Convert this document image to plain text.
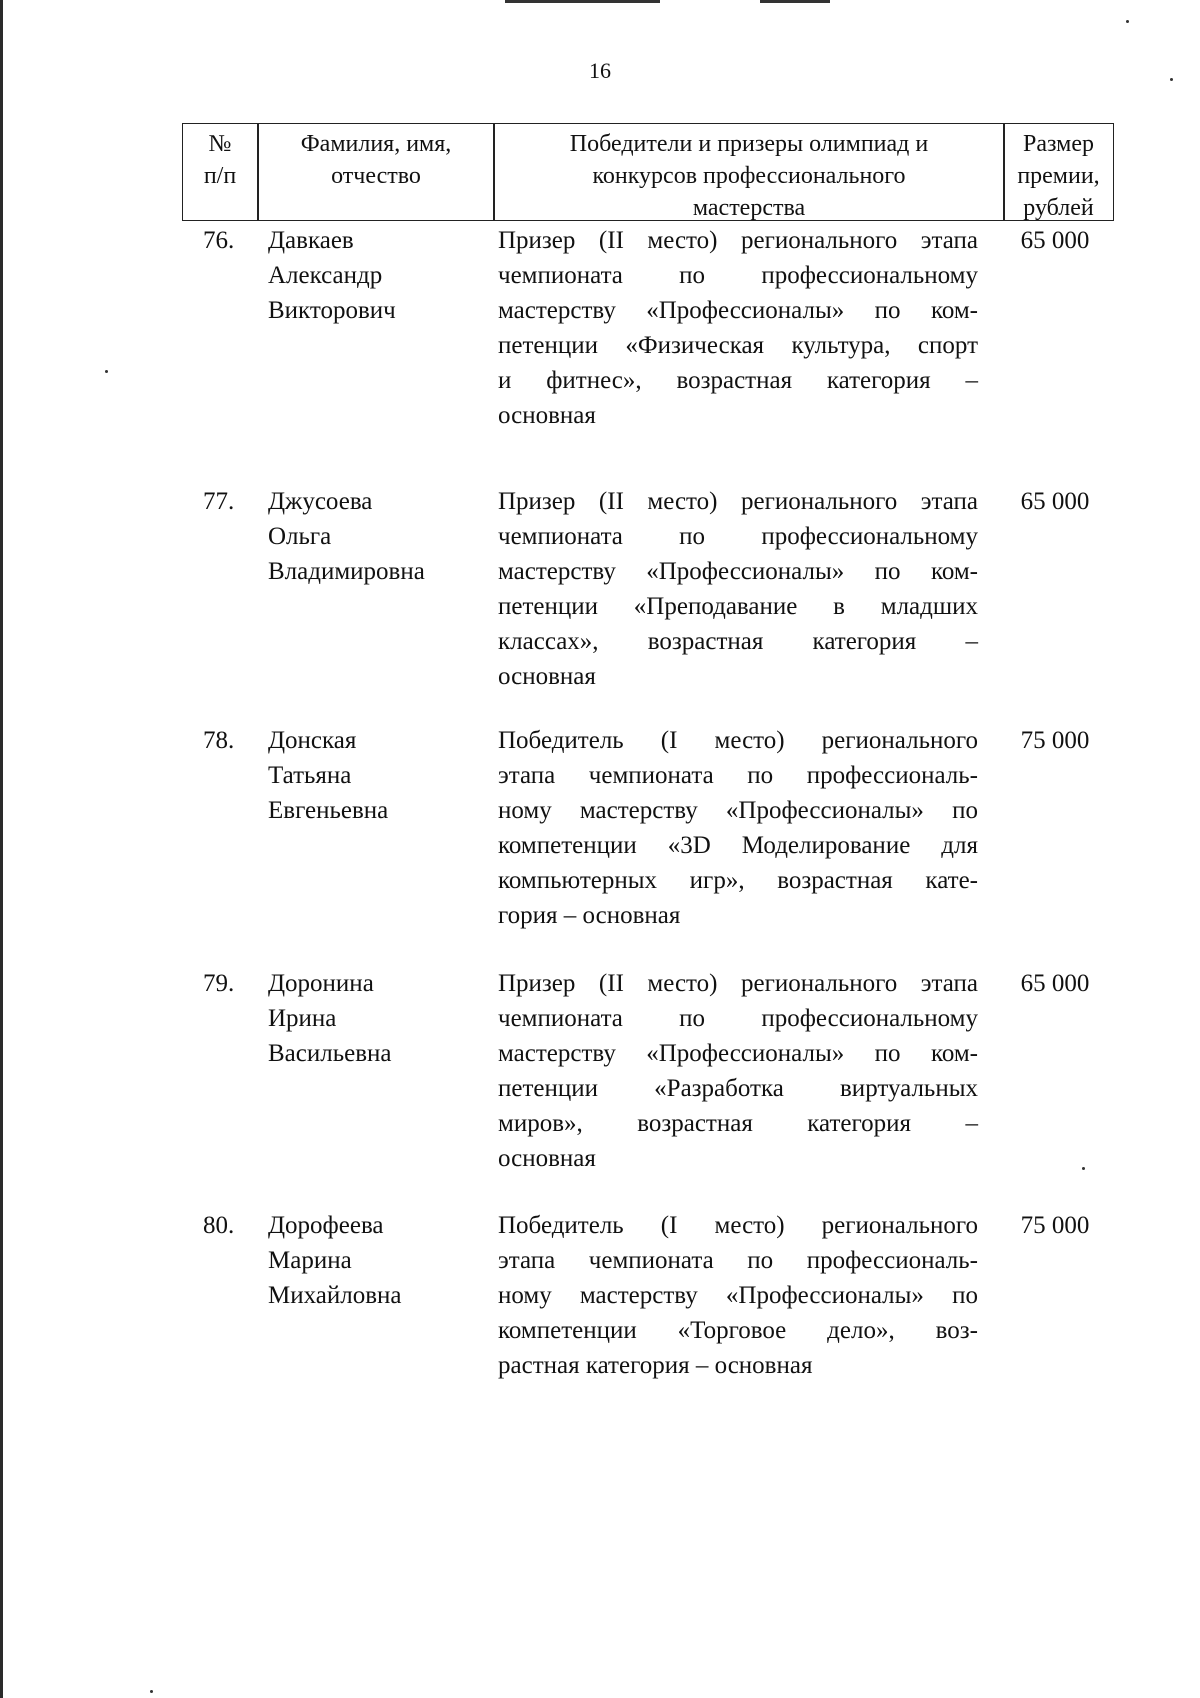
16
№
п/п
Фамилия, имя,
отчество
Победители и призеры олимпиад и
конкурсов профессионального
мастерства
Размер
премии,
рублей
76. Давкаев
Александр
Викторович
Призер (II место) регионального этапа
чемпионата по профессиональному
мастерству «Профессионалы» по ком-
петенции «Физическая культура, спорт
и фитнес», возрастная категория –
основная
65 000
77. Джусоева
Ольга
Владимировна
Призер (II место) регионального этапа
чемпионата по профессиональному
мастерству «Профессионалы» по ком-
петенции «Преподавание в младших
классах», возрастная категория –
основная
65 000
78. Донская
Татьяна
Евгеньевна
Победитель (I место) регионального
этапа чемпионата по профессиональ-
ному мастерству «Профессионалы» по
компетенции «3D Моделирование для
компьютерных игр», возрастная кате-
гория – основная
75 000
79. Доронина
Ирина
Васильевна
Призер (II место) регионального этапа
чемпионата по профессиональному
мастерству «Профессионалы» по ком-
петенции «Разработка виртуальных
миров», возрастная категория –
основная
65 000
80. Дорофеева
Марина
Михайловна
Победитель (I место) регионального
этапа чемпионата по профессиональ-
ному мастерству «Профессионалы» по
компетенции «Торговое дело», воз-
растная категория – основная
75 000
